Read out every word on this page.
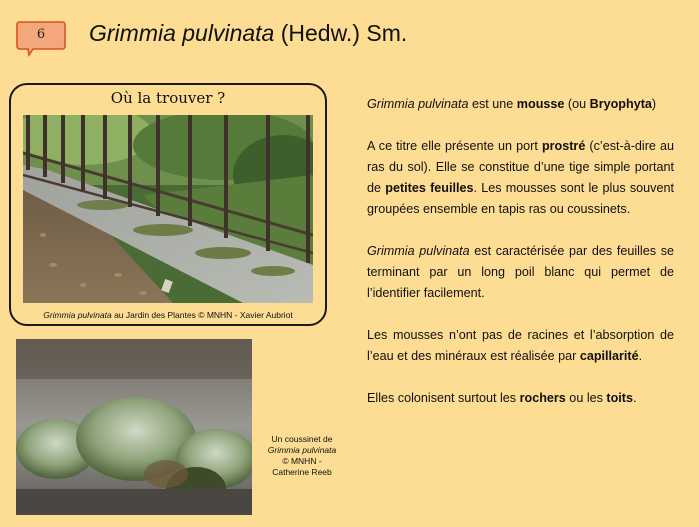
6	Grimmia pulvinata (Hedw.) Sm.
Où la trouver ?
Grimmia pulvinata au Jardin des Plantes © MNHN - Xavier Aubriot
Un coussinet de
Grimmia pulvinata
© MNHN -
Catherine Reeb

Grimmia pulvinata est une mousse (ou Bryophyta)

A ce titre elle présente un port prostré (c’est-à-dire au ras du sol). Elle se constitue d’une tige simple portant de petites feuilles. Les mousses sont le plus souvent groupées ensemble en tapis ras ou coussinets.

Grimmia pulvinata est caractérisée par des feuilles se terminant par un long poil blanc qui permet de l’identifier facilement.

Les mousses n’ont pas de racines et l’absorption de l’eau et des minéraux est réalisée par capillarité.

Elles colonisent surtout les rochers ou les toits.
